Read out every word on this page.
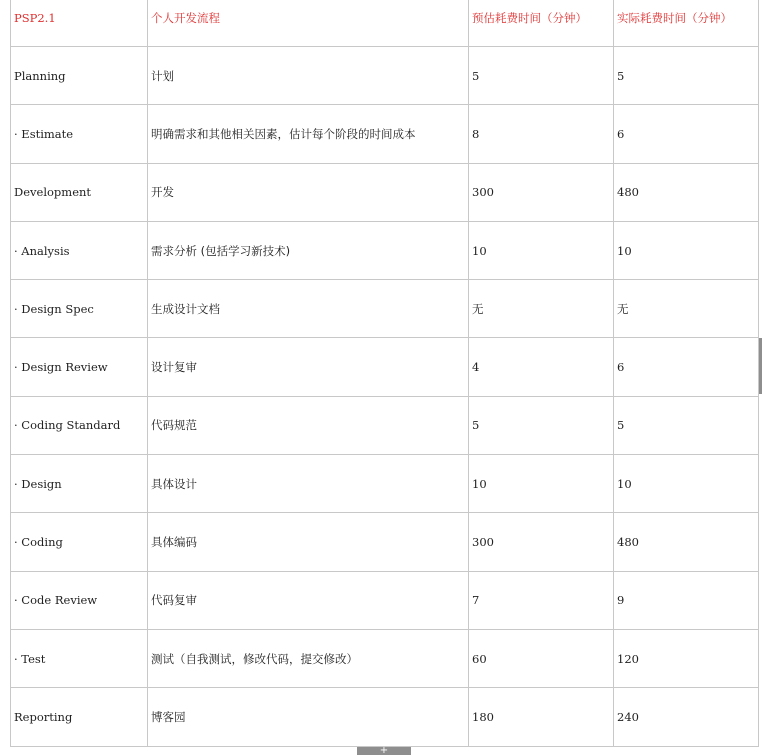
PSP2.1	个人开发流程	预估耗费时间（分钟）	实际耗费时间（分钟）
Planning	计划	5	5
· Estimate	明确需求和其他相关因素，估计每个阶段的时间成本	8	6
Development	开发	300	480
· Analysis	需求分析 (包括学习新技术)	10	10
· Design Spec	生成设计文档	无	无
· Design Review	设计复审	4	6
· Coding Standard	代码规范	5	5
· Design	具体设计	10	10
· Coding	具体编码	300	480
· Code Review	代码复审	7	9
· Test	测试（自我测试，修改代码，提交修改）	60	120
Reporting	博客园	180	240
+
